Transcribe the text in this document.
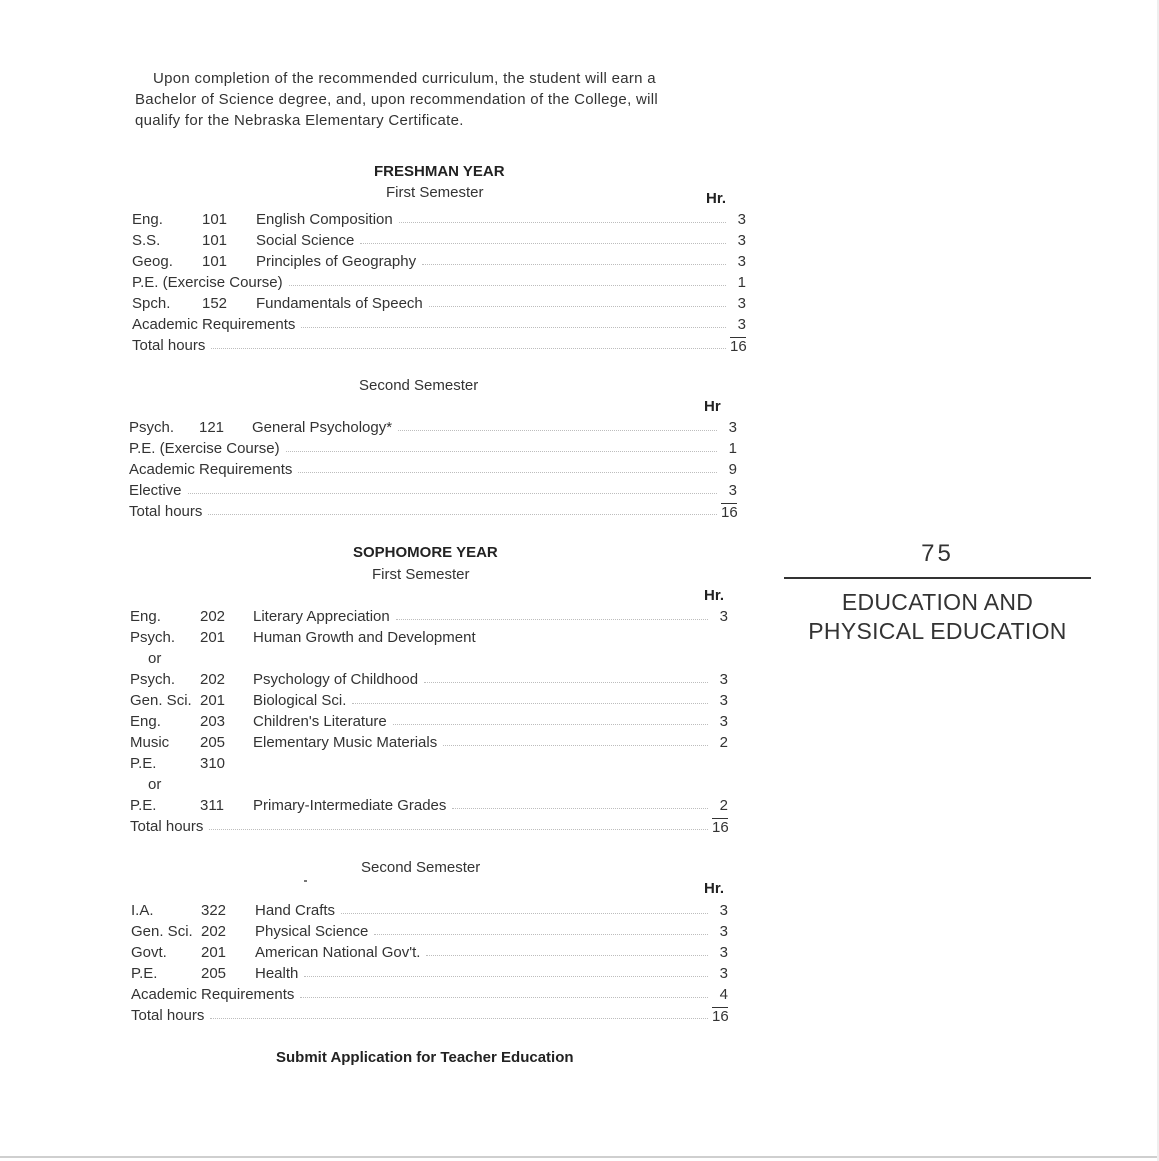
Upon completion of the recommended curriculum, the student will earn a

Bachelor of Science degree, and, upon recommendation of the College, will

qualify for the Nebraska Elementary Certificate.

FRESHMAN YEAR
First Semester	Hr.
Eng.	101 English Composition	3
S.S.	101 Social Science	3
Geog. 101 Principles of Geography	3
P.E. (Exercise Course)	1
Spch. 152 Fundamentals of Speech	3
Academic Requirements	3
Total hours	16
Second Semester
Hr
Psych. 121 General Psychology*	3
P.E. (Exercise Course)	1
Academic Requirements	9
Elective	3
Total hours	16
SOPHOMORE YEAR
First Semester
Hr.
Eng.	202 Literary Appreciation	3
Psych. 201 Human Growth and Development
or
Psych. 202 Psychology of Childhood	3
Gen. Sci. 201 Biological Sci.	3
Eng.	203 Children's Literature	3
Music 205 Elementary Music Materials	2
P.E.	310
or
P.E.	311 Primary-Intermediate Grades	2
Total hours	16
Second Semester
Hr.
I.A.	322 Hand Crafts	3
Gen. Sci. 202 Physical Science	3
Govt. 201 American National Gov't.	3
P.E.	205 Health	3
Academic Requirements	4
Total hours	16
75
EDUCATION AND
PHYSICAL EDUCATION
Submit Application for Teacher Education
